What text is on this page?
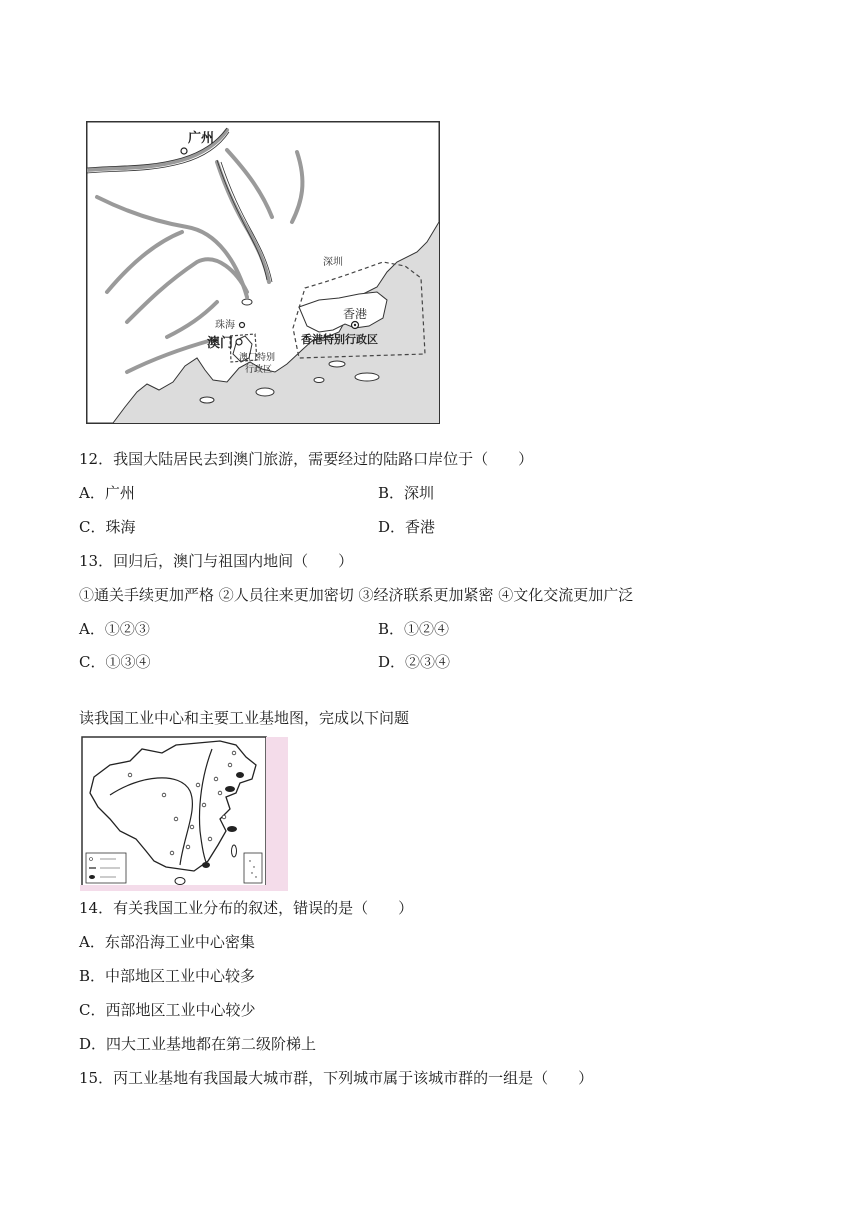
广州
深圳
珠海
澳门
澳门特别
行政区
香港
香港特别行政区
12．我国大陆居民去到澳门旅游，需要经过的陆路口岸位于（　　）
A．广州	B．深圳
C．珠海	D．香港
13．回归后，澳门与祖国内地间（　　）
①通关手续更加严格 ②人员往来更加密切 ③经济联系更加紧密 ④文化交流更加广泛
A．①②③	B．①②④
C．①③④	D．②③④
读我国工业中心和主要工业基地图，完成以下问题
14．有关我国工业分布的叙述，错误的是（　　）
A．东部沿海工业中心密集
B．中部地区工业中心较多
C．西部地区工业中心较少
D．四大工业基地都在第二级阶梯上
15．丙工业基地有我国最大城市群，下列城市属于该城市群的一组是（　　）
